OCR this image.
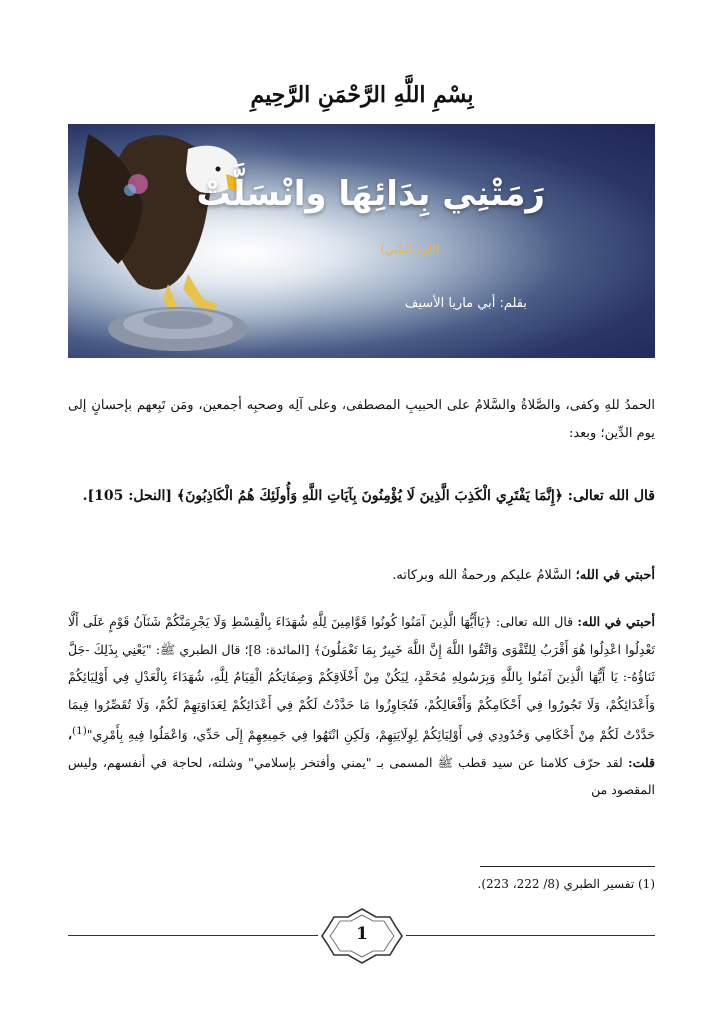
بِسْمِ اللَّهِ الرَّحْمَنِ الرَّحِيمِ
رَمَتْنِي بِدَائِهَا وانْسَلَّتْ
(الرد الثاني)
بقلم: أبي ماريا الأسيف
الحمدُ للهِ وكفى، والصَّلاةُ والسَّلامُ على الحبيبِ المصطفى، وعلى آلِه وصحبِه أجمعين، ومَن تَبِعهم بإحسانٍ إلى يوم الدِّين؛ وبعد:
قال الله تعالى: ﴿إِنَّمَا يَفْتَرِي الْكَذِبَ الَّذِينَ لَا يُؤْمِنُونَ بِآيَاتِ اللَّهِ وَأُولَئِكَ هُمُ الْكَاذِبُونَ﴾ [النحل: 105].
أحبتي في الله؛ السَّلامُ عليكم ورحمةُ الله وبركاته.
أحبتي في الله: قال الله تعالى: ﴿يَاأَيُّهَا الَّذِينَ آمَنُوا كُونُوا قَوَّامِينَ لِلَّهِ شُهَدَاءَ بِالْقِسْطِ وَلَا يَجْرِمَنَّكُمْ شَنَآنُ قَوْمٍ عَلَى أَلَّا تَعْدِلُوا اعْدِلُوا هُوَ أَقْرَبُ لِلتَّقْوَى وَاتَّقُوا اللَّهَ إِنَّ اللَّهَ خَبِيرٌ بِمَا تَعْمَلُونَ﴾ [المائدة: 8]؛ قال الطبري ﷺ: "يَعْنِي بِذَلِكَ -جَلَّ ثَنَاؤُهُ-: يَا أَيُّهَا الَّذِينَ آمَنُوا بِاللَّهِ وَبِرَسُولِهِ مُحَمَّدٍ، لِيَكُنْ مِنْ أَخْلَاقِكُمْ وَصِفَاتِكُمُ الْقِيَامُ لِلَّهِ، شُهَدَاءَ بِالْعَدْلِ فِي أَوْلِيَائِكُمْ وَأَعْدَائِكُمْ، وَلَا تَجُورُوا فِي أَحْكَامِكُمْ وَأَفْعَالِكُمْ، فَتُجَاوِزُوا مَا حَدَّدْتُ لَكُمْ فِي أَعْدَائِكُمْ لِعَدَاوَتِهِمْ لَكُمْ، وَلَا تُقَصِّرُوا فِيمَا حَدَّدْتُ لَكُمْ مِنْ أَحْكَامِي وَحُدُودِي فِي أَوْلِيَائِكُمْ لِوِلَايَتِهِمْ، وَلَكِنِ انْتَهُوا فِي جَمِيعِهِمْ إِلَى حَدِّي، وَاعْمَلُوا فِيهِ بِأَمْرِي"$^{(1)}$، قلت: لقد حرّف كلامنا عن سيد قطب ﷺ المسمى بـ "يمني وأفتخر بإسلامي" وشلته، لحاجة في أنفسهم، وليس المقصود من
(1) تفسير الطبري (8/ 222، 223).
1
